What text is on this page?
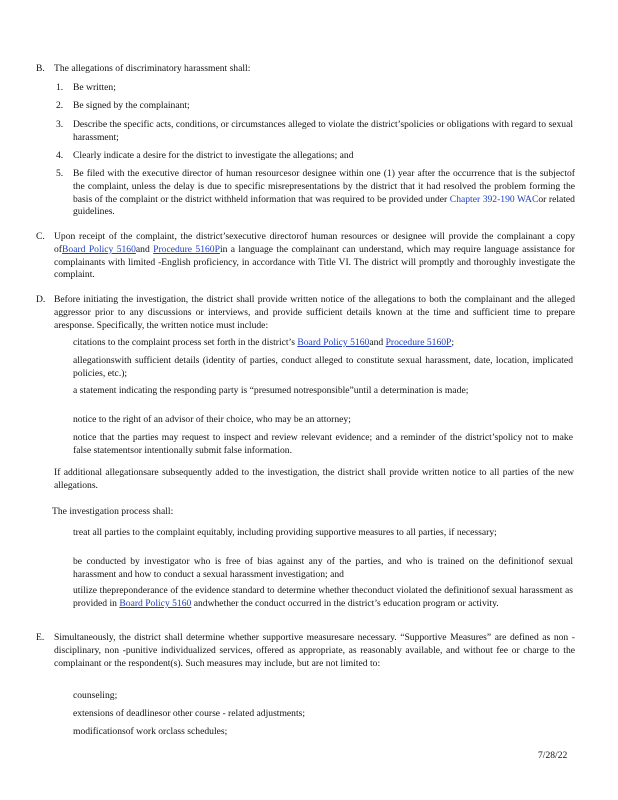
B. The allegations of discriminatory harassment shall:
1. Be written;
2. Be signed by the complainant;
3. Describe the specific acts, conditions, or circumstances alleged to violate the district’spolicies or obligations with regard to sexual harassment;
4. Clearly indicate a desire for the district to investigate the allegations; and
5. Be filed with the executive director of human resourcesor designee within one (1) year after the occurrence that is the subjectof the complaint, unless the delay is due to specific misrepresentations by the district that it had resolved the problem forming the basis of the complaint or the district withheld information that was required to be provided under Chapter 392-190 WACor related guidelines.
C. Upon receipt of the complaint, the district’sexecutive directorof human resources or designee will provide the complainant a copy ofBoard Policy 5160and Procedure 5160Pin a language the complainant can understand, which may require language assistance for complainants with limited -English proficiency, in accordance with Title VI. The district will promptly and thoroughly investigate the complaint.
D. Before initiating the investigation, the district shall provide written notice of the allegations to both the complainant and the alleged aggressor prior to any discussions or interviews, and provide sufficient details known at the time and sufficient time to prepare aresponse. Specifically, the written notice must include:
citations to the complaint process set forth in the district’s Board Policy 5160and Procedure 5160P;
allegationswith sufficient details (identity of parties, conduct alleged to constitute sexual harassment, date, location, implicated policies, etc.);
a statement indicating the responding party is “presumed notresponsible”until a determination is made;
notice to the right of an advisor of their choice, who may be an attorney;
notice that the parties may request to inspect and review relevant evidence; and a reminder of the district’spolicy not to make false statementsor intentionally submit false information.
If additional allegationsare subsequently added to the investigation, the district shall provide written notice to all parties of the new allegations.
The investigation process shall:
treat all parties to the complaint equitably, including providing supportive measures to all parties, if necessary;
be conducted by investigator who is free of bias against any of the parties, and who is trained on the definitionof sexual harassment and how to conduct a sexual harassment investigation; and
utilize thepreponderance of the evidence standard to determine whether theconduct violated the definitionof sexual harassment as provided in Board Policy 5160 andwhether the conduct occurred in the district’s education program or activity.
E. Simultaneously, the district shall determine whether supportive measuresare necessary. “Supportive Measures” are defined as non -disciplinary, non -punitive individualized services, offered as appropriate, as reasonably available, and without fee or charge to the complainant or the respondent(s). Such measures may include, but are not limited to:
counseling;
extensions of deadlinesor other course - related adjustments;
modificationsof work orclass schedules;
7/28/22
